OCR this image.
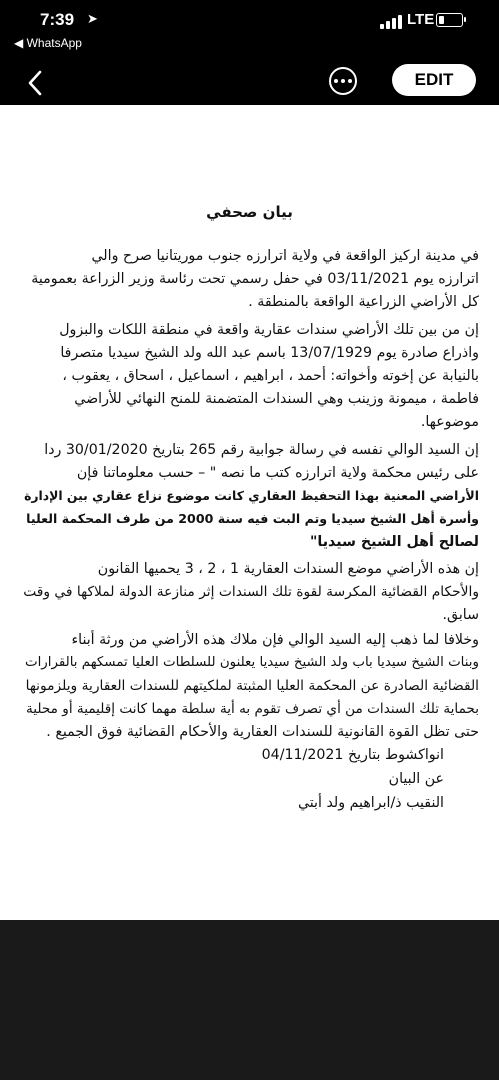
7:39 ➤
◀ WhatsApp
LTE
EDIT
بيان صحفي
في مدينة اركيز الواقعة في ولاية اترارزه جنوب موريتانيا صرح والي
اترارزه يوم 03/11/2021 في حفل رسمي تحت رئاسة وزير الزراعة بعمومية
كل الأراضي الزراعية الواقعة بالمنطقة .
إن من بين تلك الأراضي سندات عقارية واقعة في منطقة اللكات والبزول
واذراع صادرة يوم 13/07/1929 باسم عبد الله ولد الشيخ سيديا متصرفا
بالنيابة عن إخوته وأخواته: أحمد ، ابراهيم ، اسماعيل ، اسحاق ، يعقوب ،
فاطمة ، ميمونة وزينب وهي السندات المتضمنة للمنح النهائي للأراضي
موضوعها.
إن السيد الوالي نفسه في رسالة جوابية رقم 265 بتاريخ 30/01/2020 ردا
على رئيس محكمة ولاية اترارزه كتب ما نصه " – حسب معلوماتنا فإن
الأراضي المعنية بهذا التحفيظ العقاري كانت موضوع نزاع عقاري بين الإدارة
وأسرة أهل الشيخ سيديا وتم البت فيه سنة 2000 من طرف المحكمة العليا
لصالح أهل الشيخ سيديا"
إن هذه الأراضي موضع السندات العقارية 1 ، 2 ، 3 يحميها القانون
والأحكام القضائية المكرسة لقوة تلك السندات إثر منازعة الدولة لملاكها في وقت
سابق.
وخلافا لما ذهب إليه السيد الوالي فإن ملاك هذه الأراضي من ورثة أبناء
وبنات الشيخ سيديا باب ولد الشيخ سيديا يعلنون للسلطات العليا تمسكهم بالقرارات
القضائية الصادرة عن المحكمة العليا المثبتة لملكيتهم للسندات العقارية ويلزمونها
بحماية تلك السندات من أي تصرف تقوم به أية سلطة مهما كانت إقليمية أو محلية
حتى تظل القوة القانونية للسندات العقارية والأحكام القضائية فوق الجميع .
انواكشوط بتاريخ 04/11/2021
عن البيان
النقيب ذ/ابراهيم ولد أبتي
